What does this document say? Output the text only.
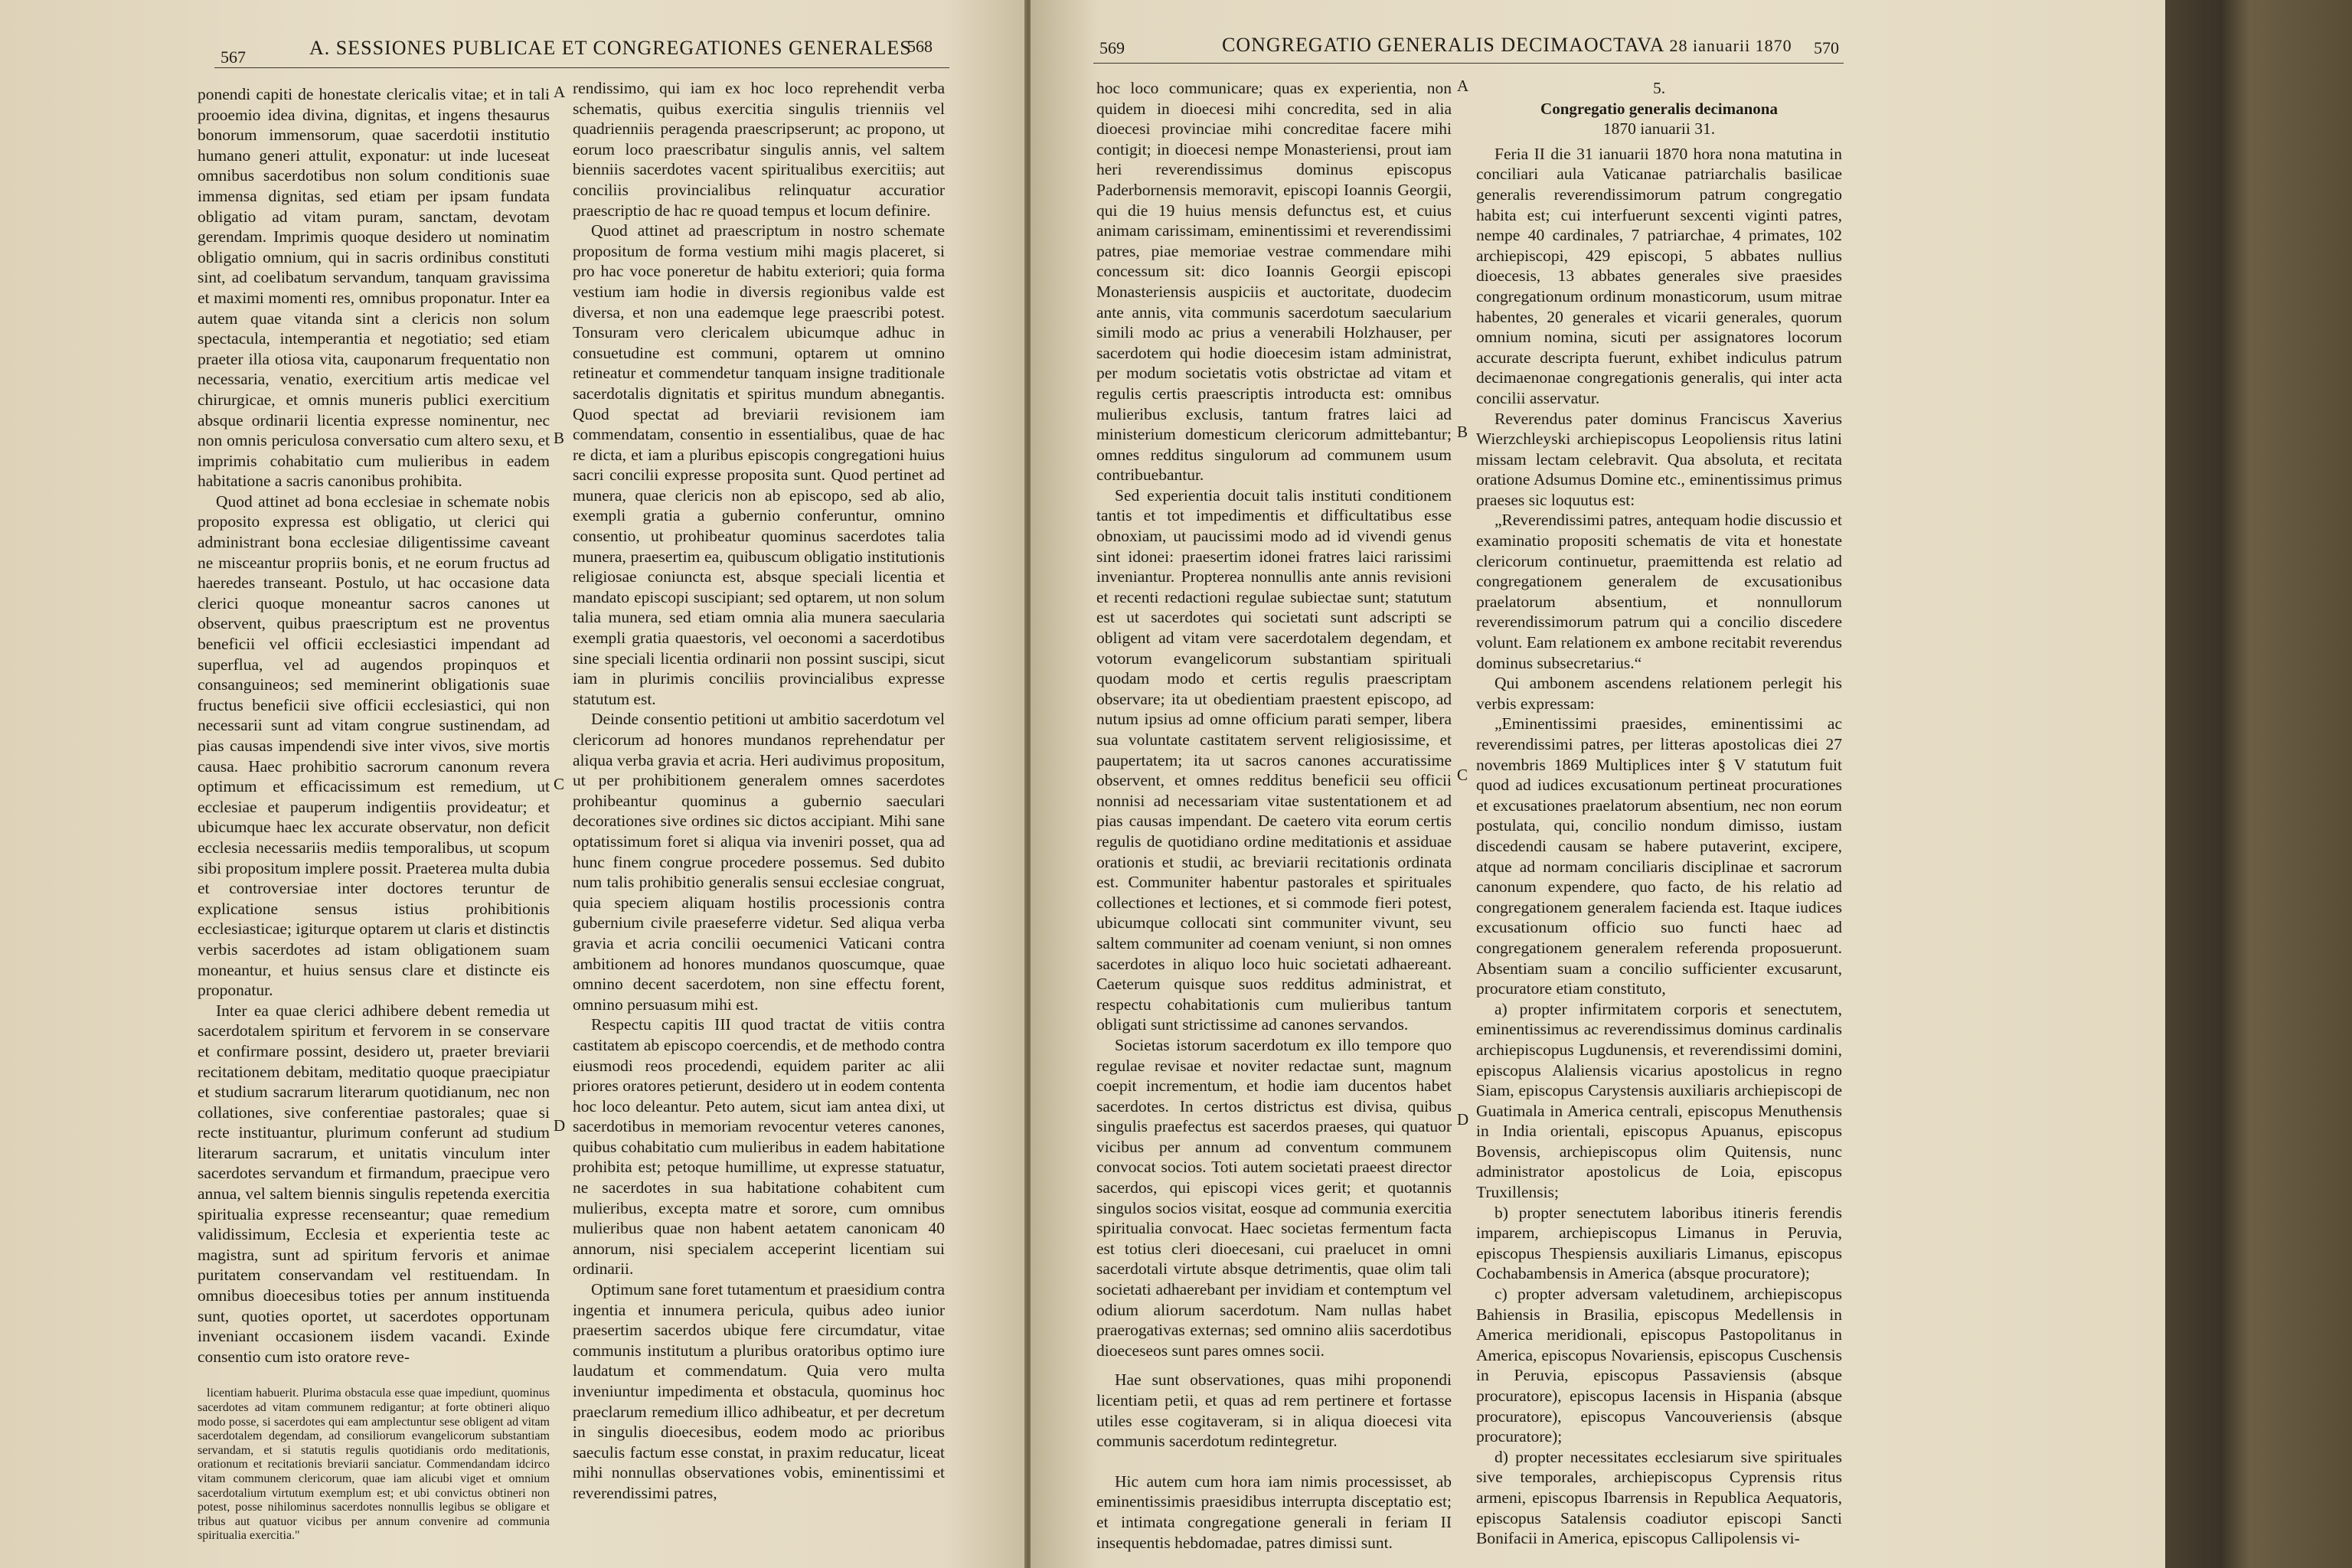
567	A. SESSIONES PUBLICAE ET CONGREGATIONES GENERALES
568
A
B
C
D

ponendi capiti de honestate clericalis vitae; et in tali prooemio idea divina, dignitas, et ingens thesaurus bonorum immensorum, quae sacerdotii institutio humano generi attulit, exponatur: ut inde luceseat omnibus sacerdotibus non solum conditionis suae immensa dignitas, sed etiam per ipsam fundata obligatio ad vitam puram, sanctam, devotam gerendam. Imprimis quoque desidero ut nominatim obligatio omnium, qui in sacris ordinibus constituti sint, ad coelibatum servandum, tanquam gravissima et maximi momenti res, omnibus proponatur. Inter ea autem quae vitanda sint a clericis non solum spectacula, intemperantia et negotiatio; sed etiam praeter illa otiosa vita, cauponarum frequentatio non necessaria, venatio, exercitium artis medicae vel chirurgicae, et omnis muneris publici exercitium absque ordinarii licentia expresse nominentur, nec non omnis periculosa conversatio cum altero sexu, et imprimis cohabitatio cum mulieribus in eadem habitatione a sacris canonibus prohibita.

Quod attinet ad bona ecclesiae in schemate nobis proposito expressa est obligatio, ut clerici qui administrant bona ecclesiae diligentissime caveant ne misceantur propriis bonis, et ne eorum fructus ad haeredes transeant. Postulo, ut hac occasione data clerici quoque moneantur sacros canones ut observent, quibus praescriptum est ne proventus beneficii vel officii ecclesiastici impendant ad superflua, vel ad augendos propinquos et consanguineos; sed meminerint obligationis suae fructus beneficii sive officii ecclesiastici, qui non necessarii sunt ad vitam congrue sustinendam, ad pias causas impendendi sive inter vivos, sive mortis causa. Haec prohibitio sacrorum canonum revera optimum et efficacissimum est remedium, ut ecclesiae et pauperum indigentiis provideatur; et ubicumque haec lex accurate observatur, non deficit ecclesia necessariis mediis temporalibus, ut scopum sibi propositum implere possit. Praeterea multa dubia et controversiae inter doctores teruntur de explicatione sensus istius prohibitionis ecclesiasticae; igiturque optarem ut claris et distinctis verbis sacerdotes ad istam obligationem suam moneantur, et huius sensus clare et distincte eis proponatur.

Inter ea quae clerici adhibere debent remedia ut sacerdotalem spiritum et fervorem in se conservare et confirmare possint, desidero ut, praeter breviarii recitationem debitam, meditatio quoque praecipiatur et studium sacrarum literarum quotidianum, nec non collationes, sive conferentiae pastorales; quae si recte instituantur, plurimum conferunt ad studium literarum sacrarum, et unitatis vinculum inter sacerdotes servandum et firmandum, praecipue vero annua, vel saltem biennis singulis repetenda exercitia spiritualia expresse recenseantur; quae remedium validissimum, Ecclesia et experientia teste ac magistra, sunt ad spiritum fervoris et animae puritatem conservandam vel restituendam. In omnibus dioecesibus toties per annum instituenda sunt, quoties oportet, ut sacerdotes opportunam inveniant occasionem iisdem vacandi. Exinde consentio cum isto oratore reve-

licentiam habuerit. Plurima obstacula esse quae impediunt, quominus sacerdotes ad vitam communem redigantur; at forte obtineri aliquo modo posse, si sacerdotes qui eam amplectuntur sese obligent ad vitam sacerdotalem degendam, ad consiliorum evangelicorum substantiam servandam, et si statutis regulis quotidianis ordo meditationis, orationum et recitationis breviarii sanciatur. Commendandam idcirco vitam communem clericorum, quae iam alicubi viget et omnium sacerdotalium virtutum exemplum est; et ubi convictus obtineri non potest, posse nihilominus sacerdotes nonnullis legibus se obligare et tribus aut quatuor vicibus per annum convenire ad communia spiritualia exercitia."

rendissimo, qui iam ex hoc loco reprehendit verba schematis, quibus exercitia singulis trienniis vel quadrienniis peragenda praescripserunt; ac propono, ut eorum loco praescribatur singulis annis, vel saltem bienniis sacerdotes vacent spiritualibus exercitiis; aut conciliis provincialibus relinquatur accuratior praescriptio de hac re quoad tempus et locum definire.

Quod attinet ad praescriptum in nostro schemate propositum de forma vestium mihi magis placeret, si pro hac voce poneretur de habitu exteriori; quia forma vestium iam hodie in diversis regionibus valde est diversa, et non una eademque lege praescribi potest. Tonsuram vero clericalem ubicumque adhuc in consuetudine est communi, optarem ut omnino retineatur et commendetur tanquam insigne traditionale sacerdotalis dignitatis et spiritus mundum abnegantis. Quod spectat ad breviarii revisionem iam commendatam, consentio in essentialibus, quae de hac re dicta, et iam a pluribus episcopis congregationi huius sacri concilii expresse proposita sunt. Quod pertinet ad munera, quae clericis non ab episcopo, sed ab alio, exempli gratia a gubernio conferuntur, omnino consentio, ut prohibeatur quominus sacerdotes talia munera, praesertim ea, quibuscum obligatio institutionis religiosae coniuncta est, absque speciali licentia et mandato episcopi suscipiant; sed optarem, ut non solum talia munera, sed etiam omnia alia munera saecularia exempli gratia quaestoris, vel oeconomi a sacerdotibus sine speciali licentia ordinarii non possint suscipi, sicut iam in plurimis conciliis provincialibus expresse statutum est.

Deinde consentio petitioni ut ambitio sacerdotum vel clericorum ad honores mundanos reprehendatur per aliqua verba gravia et acria. Heri audivimus propositum, ut per prohibitionem generalem omnes sacerdotes prohibeantur quominus a gubernio saeculari decorationes sive ordines sic dictos accipiant. Mihi sane optatissimum foret si aliqua via inveniri posset, qua ad hunc finem congrue procedere possemus. Sed dubito num talis prohibitio generalis sensui ecclesiae congruat, quia speciem aliquam hostilis processionis contra gubernium civile praeseferre videtur. Sed aliqua verba gravia et acria concilii oecumenici Vaticani contra ambitionem ad honores mundanos quoscumque, quae omnino decent sacerdotem, non sine effectu forent, omnino persuasum mihi est.

Respectu capitis III quod tractat de vitiis contra castitatem ab episcopo coercendis, et de methodo contra eiusmodi reos procedendi, equidem pariter ac alii priores oratores petierunt, desidero ut in eodem contenta hoc loco deleantur. Peto autem, sicut iam antea dixi, ut sacerdotibus in memoriam revocentur veteres canones, quibus cohabitatio cum mulieribus in eadem habitatione prohibita est; petoque humillime, ut expresse statuatur, ne sacerdotes in sua habitatione cohabitent cum mulieribus, excepta matre et sorore, cum omnibus mulieribus quae non habent aetatem canonicam 40 annorum, nisi specialem acceperint licentiam sui ordinarii.

Optimum sane foret tutamentum et praesidium contra ingentia et innumera pericula, quibus adeo iunior praesertim sacerdos ubique fere circumdatur, vitae communis institutum a pluribus oratoribus optimo iure laudatum et commendatum. Quia vero multa inveniuntur impedimenta et obstacula, quominus hoc praeclarum remedium illico adhibeatur, et per decretum in singulis dioecesibus, eodem modo ac prioribus saeculis factum esse constat, in praxim reducatur, liceat mihi nonnullas observationes vobis, eminentissimi et reverendissimi patres,

569	CONGREGATIO GENERALIS DECIMAOCTAVA 28 ianuarii 1870 570
A
B
C
D

hoc loco communicare; quas ex experientia, non quidem in dioecesi mihi concredita, sed in alia dioecesi provinciae mihi concreditae facere mihi contigit; in dioecesi nempe Monasteriensi, prout iam heri reverendissimus dominus episcopus Paderbornensis memoravit, episcopi Ioannis Georgii, qui die 19 huius mensis defunctus est, et cuius animam carissimam, eminentissimi et reverendissimi patres, piae memoriae vestrae commendare mihi concessum sit: dico Ioannis Georgii episcopi Monasteriensis auspiciis et auctoritate, duodecim ante annis, vita communis sacerdotum saecularium simili modo ac prius a venerabili Holzhauser, per sacerdotem qui hodie dioecesim istam administrat, per modum societatis votis obstrictae ad vitam et regulis certis praescriptis introducta est: omnibus mulieribus exclusis, tantum fratres laici ad ministerium domesticum clericorum admittebantur; omnes redditus singulorum ad communem usum contribuebantur.

Sed experientia docuit talis instituti conditionem tantis et tot impedimentis et difficultatibus esse obnoxiam, ut paucissimi modo ad id vivendi genus sint idonei: praesertim idonei fratres laici rarissimi inveniantur. Propterea nonnullis ante annis revisioni et recenti redactioni regulae subiectae sunt; statutum est ut sacerdotes qui societati sunt adscripti se obligent ad vitam vere sacerdotalem degendam, et votorum evangelicorum substantiam spirituali quodam modo et certis regulis praescriptam observare; ita ut obedientiam praestent episcopo, ad nutum ipsius ad omne officium parati semper, libera sua voluntate castitatem servent religiosissime, et paupertatem; ita ut sacros canones accuratissime observent, et omnes redditus beneficii seu officii nonnisi ad necessariam vitae sustentationem et ad pias causas impendant. De caetero vita eorum certis regulis de quotidiano ordine meditationis et assiduae orationis et studii, ac breviarii recitationis ordinata est. Communiter habentur pastorales et spirituales collectiones et lectiones, et si commode fieri potest, ubicumque collocati sint communiter vivunt, seu saltem communiter ad coenam veniunt, si non omnes sacerdotes in aliquo loco huic societati adhaereant. Caeterum quisque suos redditus administrat, et respectu cohabitationis cum mulieribus tantum obligati sunt strictissime ad canones servandos.

Societas istorum sacerdotum ex illo tempore quo regulae revisae et noviter redactae sunt, magnum coepit incrementum, et hodie iam ducentos habet sacerdotes. In certos districtus est divisa, quibus singulis praefectus est sacerdos praeses, qui quatuor vicibus per annum ad conventum communem convocat socios. Toti autem societati praeest director sacerdos, qui episcopi vices gerit; et quotannis singulos socios visitat, eosque ad communia exercitia spiritualia convocat. Haec societas fermentum facta est totius cleri dioecesani, cui praelucet in omni sacerdotali virtute absque detrimentis, quae olim tali societati adhaerebant per invidiam et contemptum vel odium aliorum sacerdotum. Nam nullas habet praerogativas externas; sed omnino aliis sacerdotibus dioeceseos sunt pares omnes socii.

Hae sunt observationes, quas mihi proponendi licentiam petii, et quas ad rem pertinere et fortasse utiles esse cogitaveram, si in aliqua dioecesi vita communis sacerdotum redintegretur.

Hic autem cum hora iam nimis processisset, ab eminentissimis praesidibus interrupta disceptatio est; et intimata congregatione generali in feriam II insequentis hebdomadae, patres dimissi sunt.

5.

Congregatio generalis decimanona

1870 ianuarii 31.

Feria II die 31 ianuarii 1870 hora nona matutina in conciliari aula Vaticanae patriarchalis basilicae generalis reverendissimorum patrum congregatio habita est; cui interfuerunt sexcenti viginti patres, nempe 40 cardinales, 7 patriarchae, 4 primates, 102 archiepiscopi, 429 episcopi, 5 abbates nullius dioecesis, 13 abbates generales sive praesides congregationum ordinum monasticorum, usum mitrae habentes, 20 generales et vicarii generales, quorum omnium nomina, sicuti per assignatores locorum accurate descripta fuerunt, exhibet indiculus patrum decimaenonae congregationis generalis, qui inter acta concilii asservatur.

Reverendus pater dominus Franciscus Xaverius Wierzchleyski archiepiscopus Leopoliensis ritus latini missam lectam celebravit. Qua absoluta, et recitata oratione Adsumus Domine etc., eminentissimus primus praeses sic loquutus est:

„Reverendissimi patres, antequam hodie discussio et examinatio propositi schematis de vita et honestate clericorum continuetur, praemittenda est relatio ad congregationem generalem de excusationibus praelatorum absentium, et nonnullorum reverendissimorum patrum qui a concilio discedere volunt. Eam relationem ex ambone recitabit reverendus dominus subsecretarius.“

Qui ambonem ascendens relationem perlegit his verbis expressam:

„Eminentissimi praesides, eminentissimi ac reverendissimi patres, per litteras apostolicas diei 27 novembris 1869 Multiplices inter § V statutum fuit quod ad iudices excusationum pertineat procurationes et excusationes praelatorum absentium, nec non eorum postulata, qui, concilio nondum dimisso, iustam discedendi causam se habere putaverint, excipere, atque ad normam conciliaris disciplinae et sacrorum canonum expendere, quo facto, de his relatio ad congregationem generalem facienda est. Itaque iudices excusationum officio suo functi haec ad congregationem generalem referenda proposuerunt. Absentiam suam a concilio sufficienter excusarunt, procuratore etiam constituto,

a) propter infirmitatem corporis et senectutem, eminentissimus ac reverendissimus dominus cardinalis archiepiscopus Lugdunensis, et reverendissimi domini, episcopus Alaliensis vicarius apostolicus in regno Siam, episcopus Carystensis auxiliaris archiepiscopi de Guatimala in America centrali, episcopus Menuthensis in India orientali, episcopus Apuanus, episcopus Bovensis, archiepiscopus olim Quitensis, nunc administrator apostolicus de Loia, episcopus Truxillensis;

b) propter senectutem laboribus itineris ferendis imparem, archiepiscopus Limanus in Peruvia, episcopus Thespiensis auxiliaris Limanus, episcopus Cochabambensis in America (absque procuratore);

c) propter adversam valetudinem, archiepiscopus Bahiensis in Brasilia, episcopus Medellensis in America meridionali, episcopus Pastopolitanus in America, episcopus Novariensis, episcopus Cuschensis in Peruvia, episcopus Passaviensis (absque procuratore), episcopus Iacensis in Hispania (absque procuratore), episcopus Vancouveriensis (absque procuratore);

d) propter necessitates ecclesiarum sive spirituales sive temporales, archiepiscopus Cyprensis ritus armeni, episcopus Ibarrensis in Republica Aequatoris, episcopus Satalensis coadiutor episcopi Sancti Bonifacii in America, episcopus Callipolensis vi-
